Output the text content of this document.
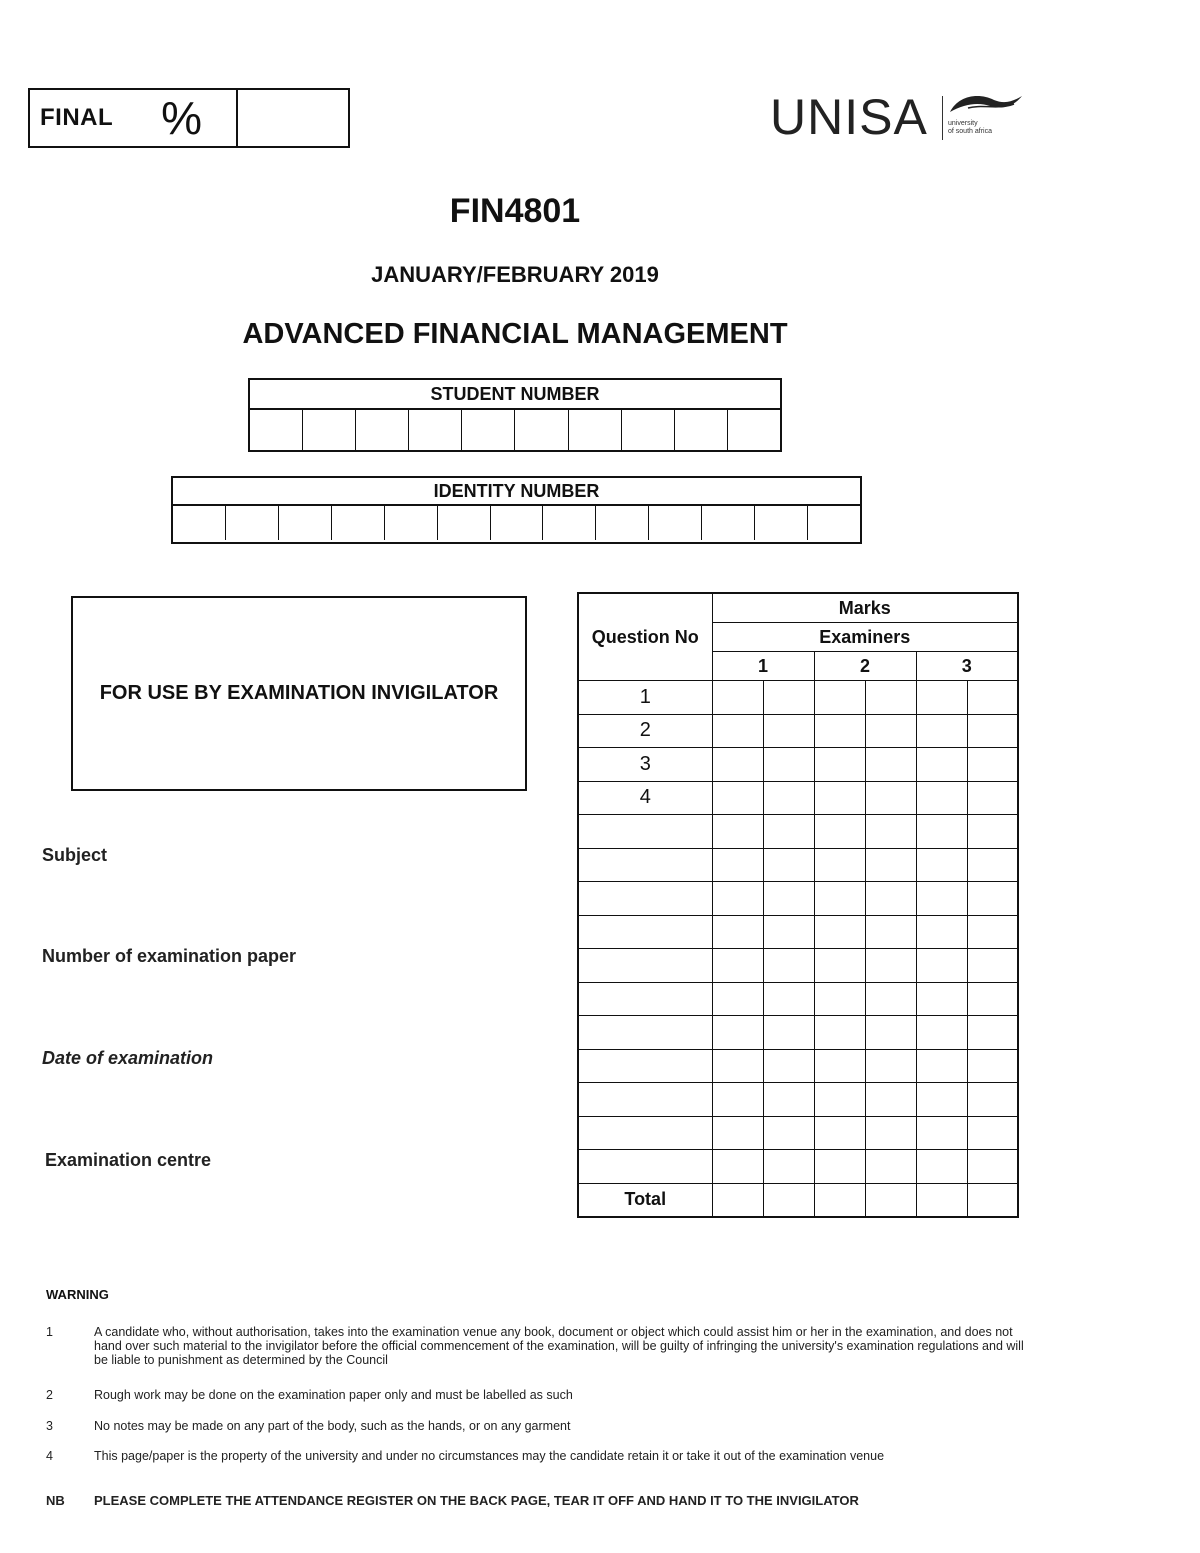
FINAL %	UNISA	university
of south africa
FIN4801
JANUARY/FEBRUARY 2019
ADVANCED FINANCIAL MANAGEMENT
STUDENT NUMBER
IDENTITY NUMBER
FOR USE BY EXAMINATION INVIGILATOR
Subject
Number of examination paper
Date of examination
Examination centre
Question No	Marks					
	Examiners					
	1		2		3	
1						
2						
3						
4						

Total						
WARNING
1	A candidate who, without authorisation, takes into the examination venue any book, document or object which could assist him or her in the examination, and does not hand over such material to the invigilator before the official commencement of the examination, will be guilty of infringing the university's examination regulations and will be liable to punishment as determined by the Council
2	Rough work may be done on the examination paper only and must be labelled as such
3	No notes may be made on any part of the body, such as the hands, or on any garment
4	This page/paper is the property of the university and under no circumstances may the candidate retain it or take it out of the examination venue
NB	PLEASE COMPLETE THE ATTENDANCE REGISTER ON THE BACK PAGE, TEAR IT OFF AND HAND IT TO THE INVIGILATOR
